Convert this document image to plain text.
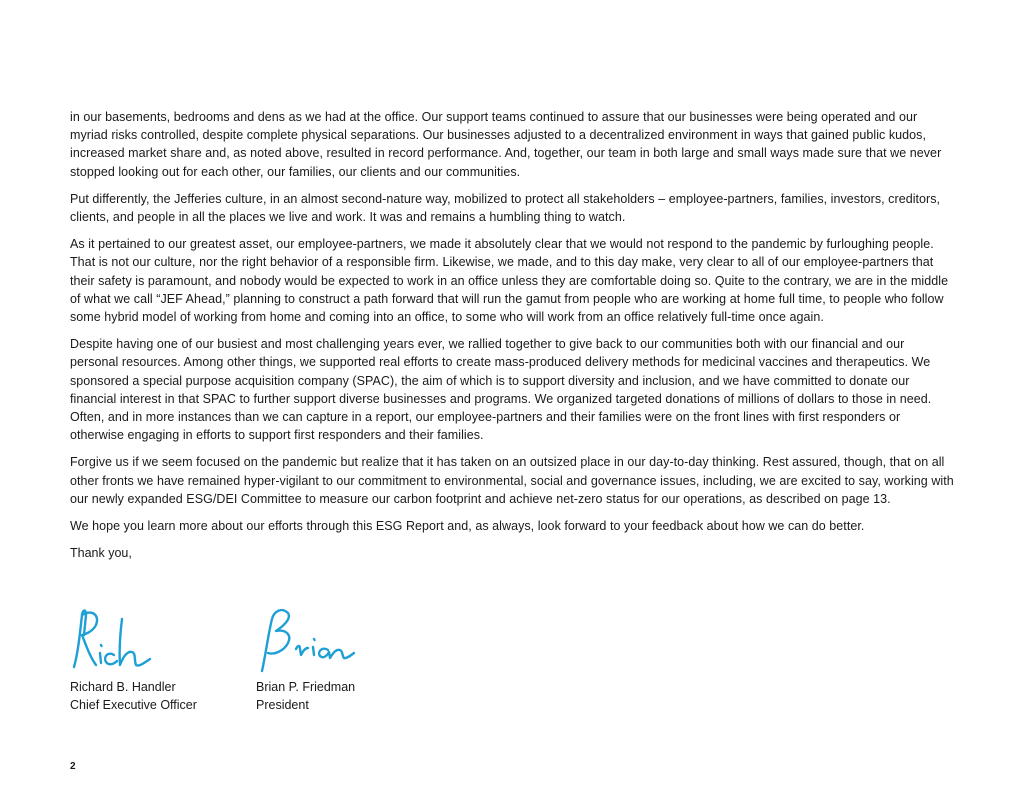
in our basements, bedrooms and dens as we had at the office. Our support teams continued to assure that our businesses were being operated and our myriad risks controlled, despite complete physical separations. Our businesses adjusted to a decentralized environment in ways that gained public kudos, increased market share and, as noted above, resulted in record performance. And, together, our team in both large and small ways made sure that we never stopped looking out for each other, our families, our clients and our communities.

Put differently, the Jefferies culture, in an almost second-nature way, mobilized to protect all stakeholders – employee-partners, families, investors, creditors, clients, and people in all the places we live and work. It was and remains a humbling thing to watch.

As it pertained to our greatest asset, our employee-partners, we made it absolutely clear that we would not respond to the pandemic by furloughing people. That is not our culture, nor the right behavior of a responsible firm. Likewise, we made, and to this day make, very clear to all of our employee-partners that their safety is paramount, and nobody would be expected to work in an office unless they are comfortable doing so. Quite to the contrary, we are in the middle of what we call “JEF Ahead,” planning to construct a path forward that will run the gamut from people who are working at home full time, to people who follow some hybrid model of working from home and coming into an office, to some who will work from an office relatively full-time once again.

Despite having one of our busiest and most challenging years ever, we rallied together to give back to our communities both with our financial and our personal resources. Among other things, we supported real efforts to create mass-produced delivery methods for medicinal vaccines and therapeutics. We sponsored a special purpose acquisition company (SPAC), the aim of which is to support diversity and inclusion, and we have committed to donate our financial interest in that SPAC to further support diverse businesses and programs. We organized targeted donations of millions of dollars to those in need. Often, and in more instances than we can capture in a report, our employee-partners and their families were on the front lines with first responders or otherwise engaging in efforts to support first responders and their families.

Forgive us if we seem focused on the pandemic but realize that it has taken on an outsized place in our day-to-day thinking. Rest assured, though, that on all other fronts we have remained hyper-vigilant to our commitment to environmental, social and governance issues, including, we are excited to say, working with our newly expanded ESG/DEI Committee to measure our carbon footprint and achieve net-zero status for our operations, as described on page 13.

We hope you learn more about our efforts through this ESG Report and, as always, look forward to your feedback about how we can do better.

Thank you,

Richard B. Handler
Chief Executive Officer
Brian P. Friedman
President
2
